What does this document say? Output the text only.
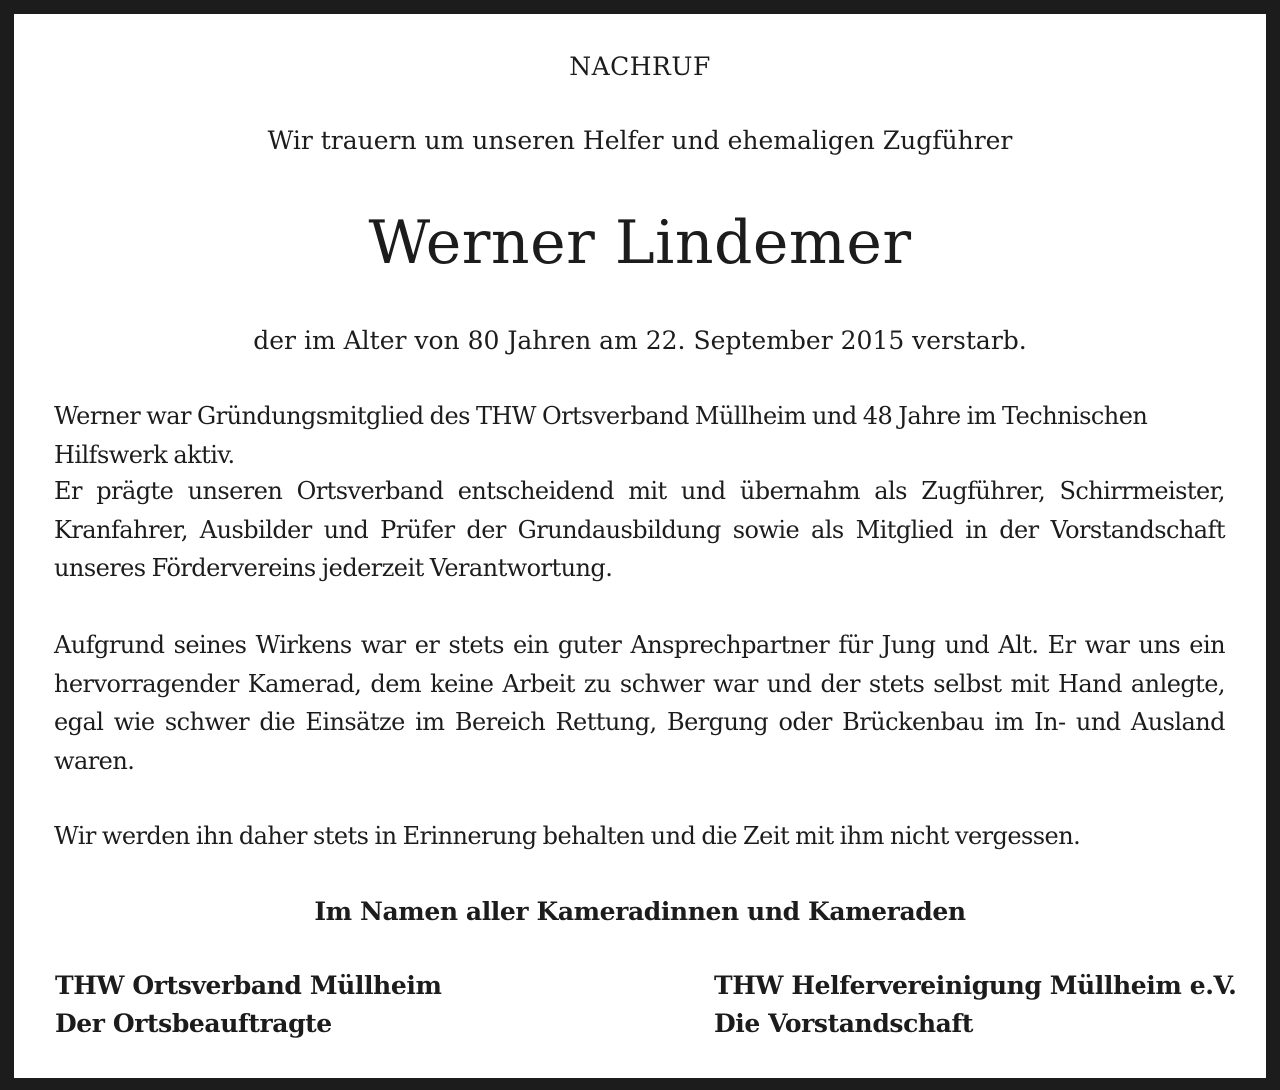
NACHRUF
Wir trauern um unseren Helfer und ehemaligen Zugführer
Werner Lindemer
der im Alter von 80 Jahren am 22. September 2015 verstarb.
Werner war Gründungsmitglied des THW Ortsverband Müllheim und 48 Jahre im Technischen
Hilfswerk aktiv.
Er prägte unseren Ortsverband entscheidend mit und übernahm als Zugführer, Schirrmeister, Kranfahrer, Ausbilder und Prüfer der Grundausbildung sowie als Mitglied in der Vorstandschaft unseres Fördervereins jederzeit Verantwortung.
Aufgrund seines Wirkens war er stets ein guter Ansprechpartner für Jung und Alt. Er war uns ein hervorragender Kamerad, dem keine Arbeit zu schwer war und der stets selbst mit Hand anlegte, egal wie schwer die Einsätze im Bereich Rettung, Bergung oder Brückenbau im In- und Ausland waren.
Wir werden ihn daher stets in Erinnerung behalten und die Zeit mit ihm nicht vergessen.
Im Namen aller Kameradinnen und Kameraden
THW Ortsverband Müllheim
Der Ortsbeauftragte
THW Helfervereinigung Müllheim e.V.
Die Vorstandschaft
